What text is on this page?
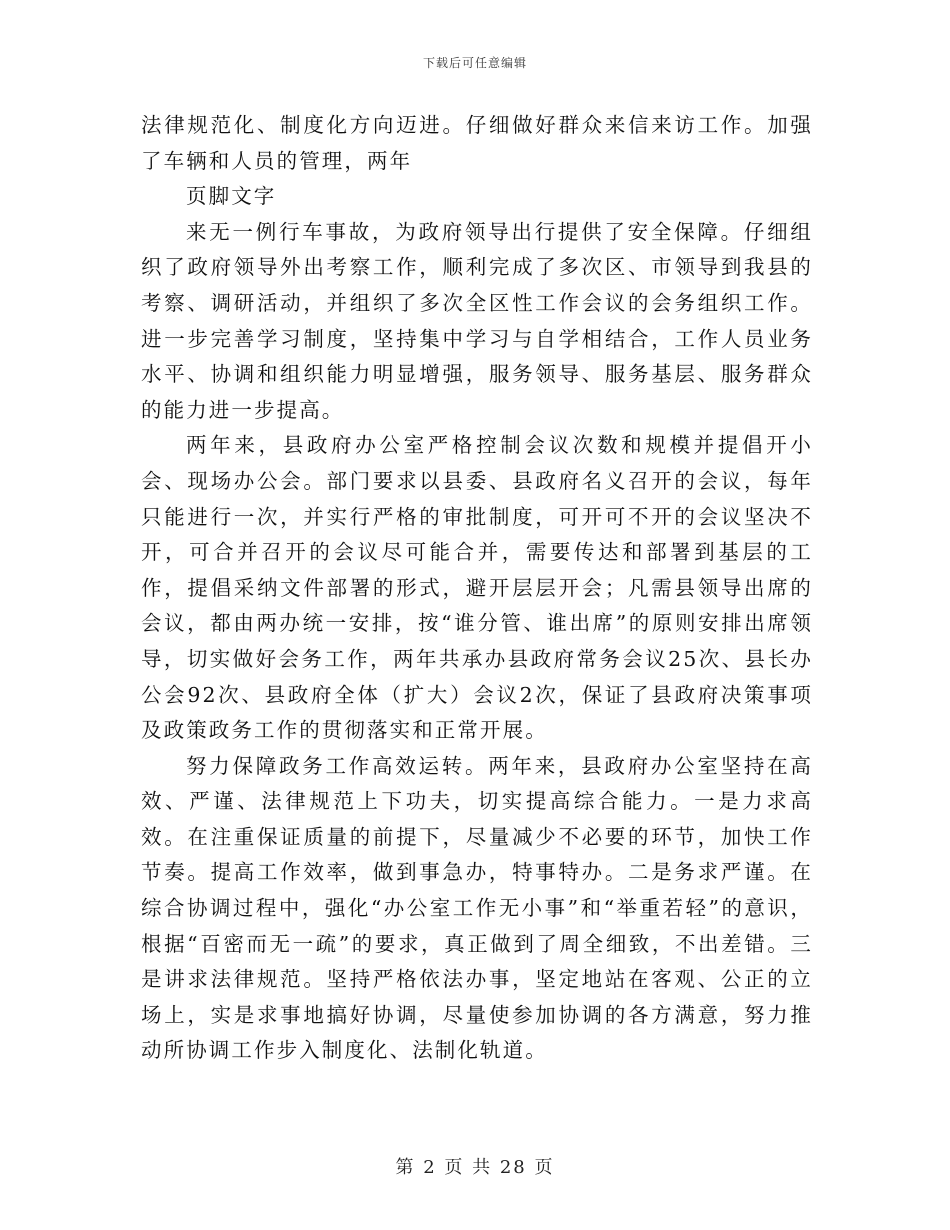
下载后可任意编辑

法律规范化、制度化方向迈进。仔细做好群众来信来访工作。加强了车辆和人员的管理，两年

页脚文字

来无一例行车事故，为政府领导出行提供了安全保障。仔细组织了政府领导外出考察工作，顺利完成了多次区、市领导到我县的考察、调研活动，并组织了多次全区性工作会议的会务组织工作。进一步完善学习制度，坚持集中学习与自学相结合，工作人员业务水平、协调和组织能力明显增强，服务领导、服务基层、服务群众的能力进一步提高。

两年来，县政府办公室严格控制会议次数和规模并提倡开小会、现场办公会。部门要求以县委、县政府名义召开的会议，每年只能进行一次，并实行严格的审批制度，可开可不开的会议坚决不开，可合并召开的会议尽可能合并，需要传达和部署到基层的工作，提倡采纳文件部署的形式，避开层层开会；凡需县领导出席的会议，都由两办统一安排，按“谁分管、谁出席”的原则安排出席领导，切实做好会务工作，两年共承办县政府常务会议25次、县长办公会92次、县政府全体（扩大）会议2次，保证了县政府决策事项及政策政务工作的贯彻落实和正常开展。

努力保障政务工作高效运转。两年来，县政府办公室坚持在高效、严谨、法律规范上下功夫，切实提高综合能力。一是力求高效。在注重保证质量的前提下，尽量减少不必要的环节，加快工作节奏。提高工作效率，做到事急办，特事特办。二是务求严谨。在综合协调过程中，强化“办公室工作无小事”和“举重若轻”的意识，根据“百密而无一疏”的要求，真正做到了周全细致，不出差错。三是讲求法律规范。坚持严格依法办事，坚定地站在客观、公正的立场上，实是求事地搞好协调，尽量使参加协调的各方满意，努力推动所协调工作步入制度化、法制化轨道。

第 2 页 共 28 页
